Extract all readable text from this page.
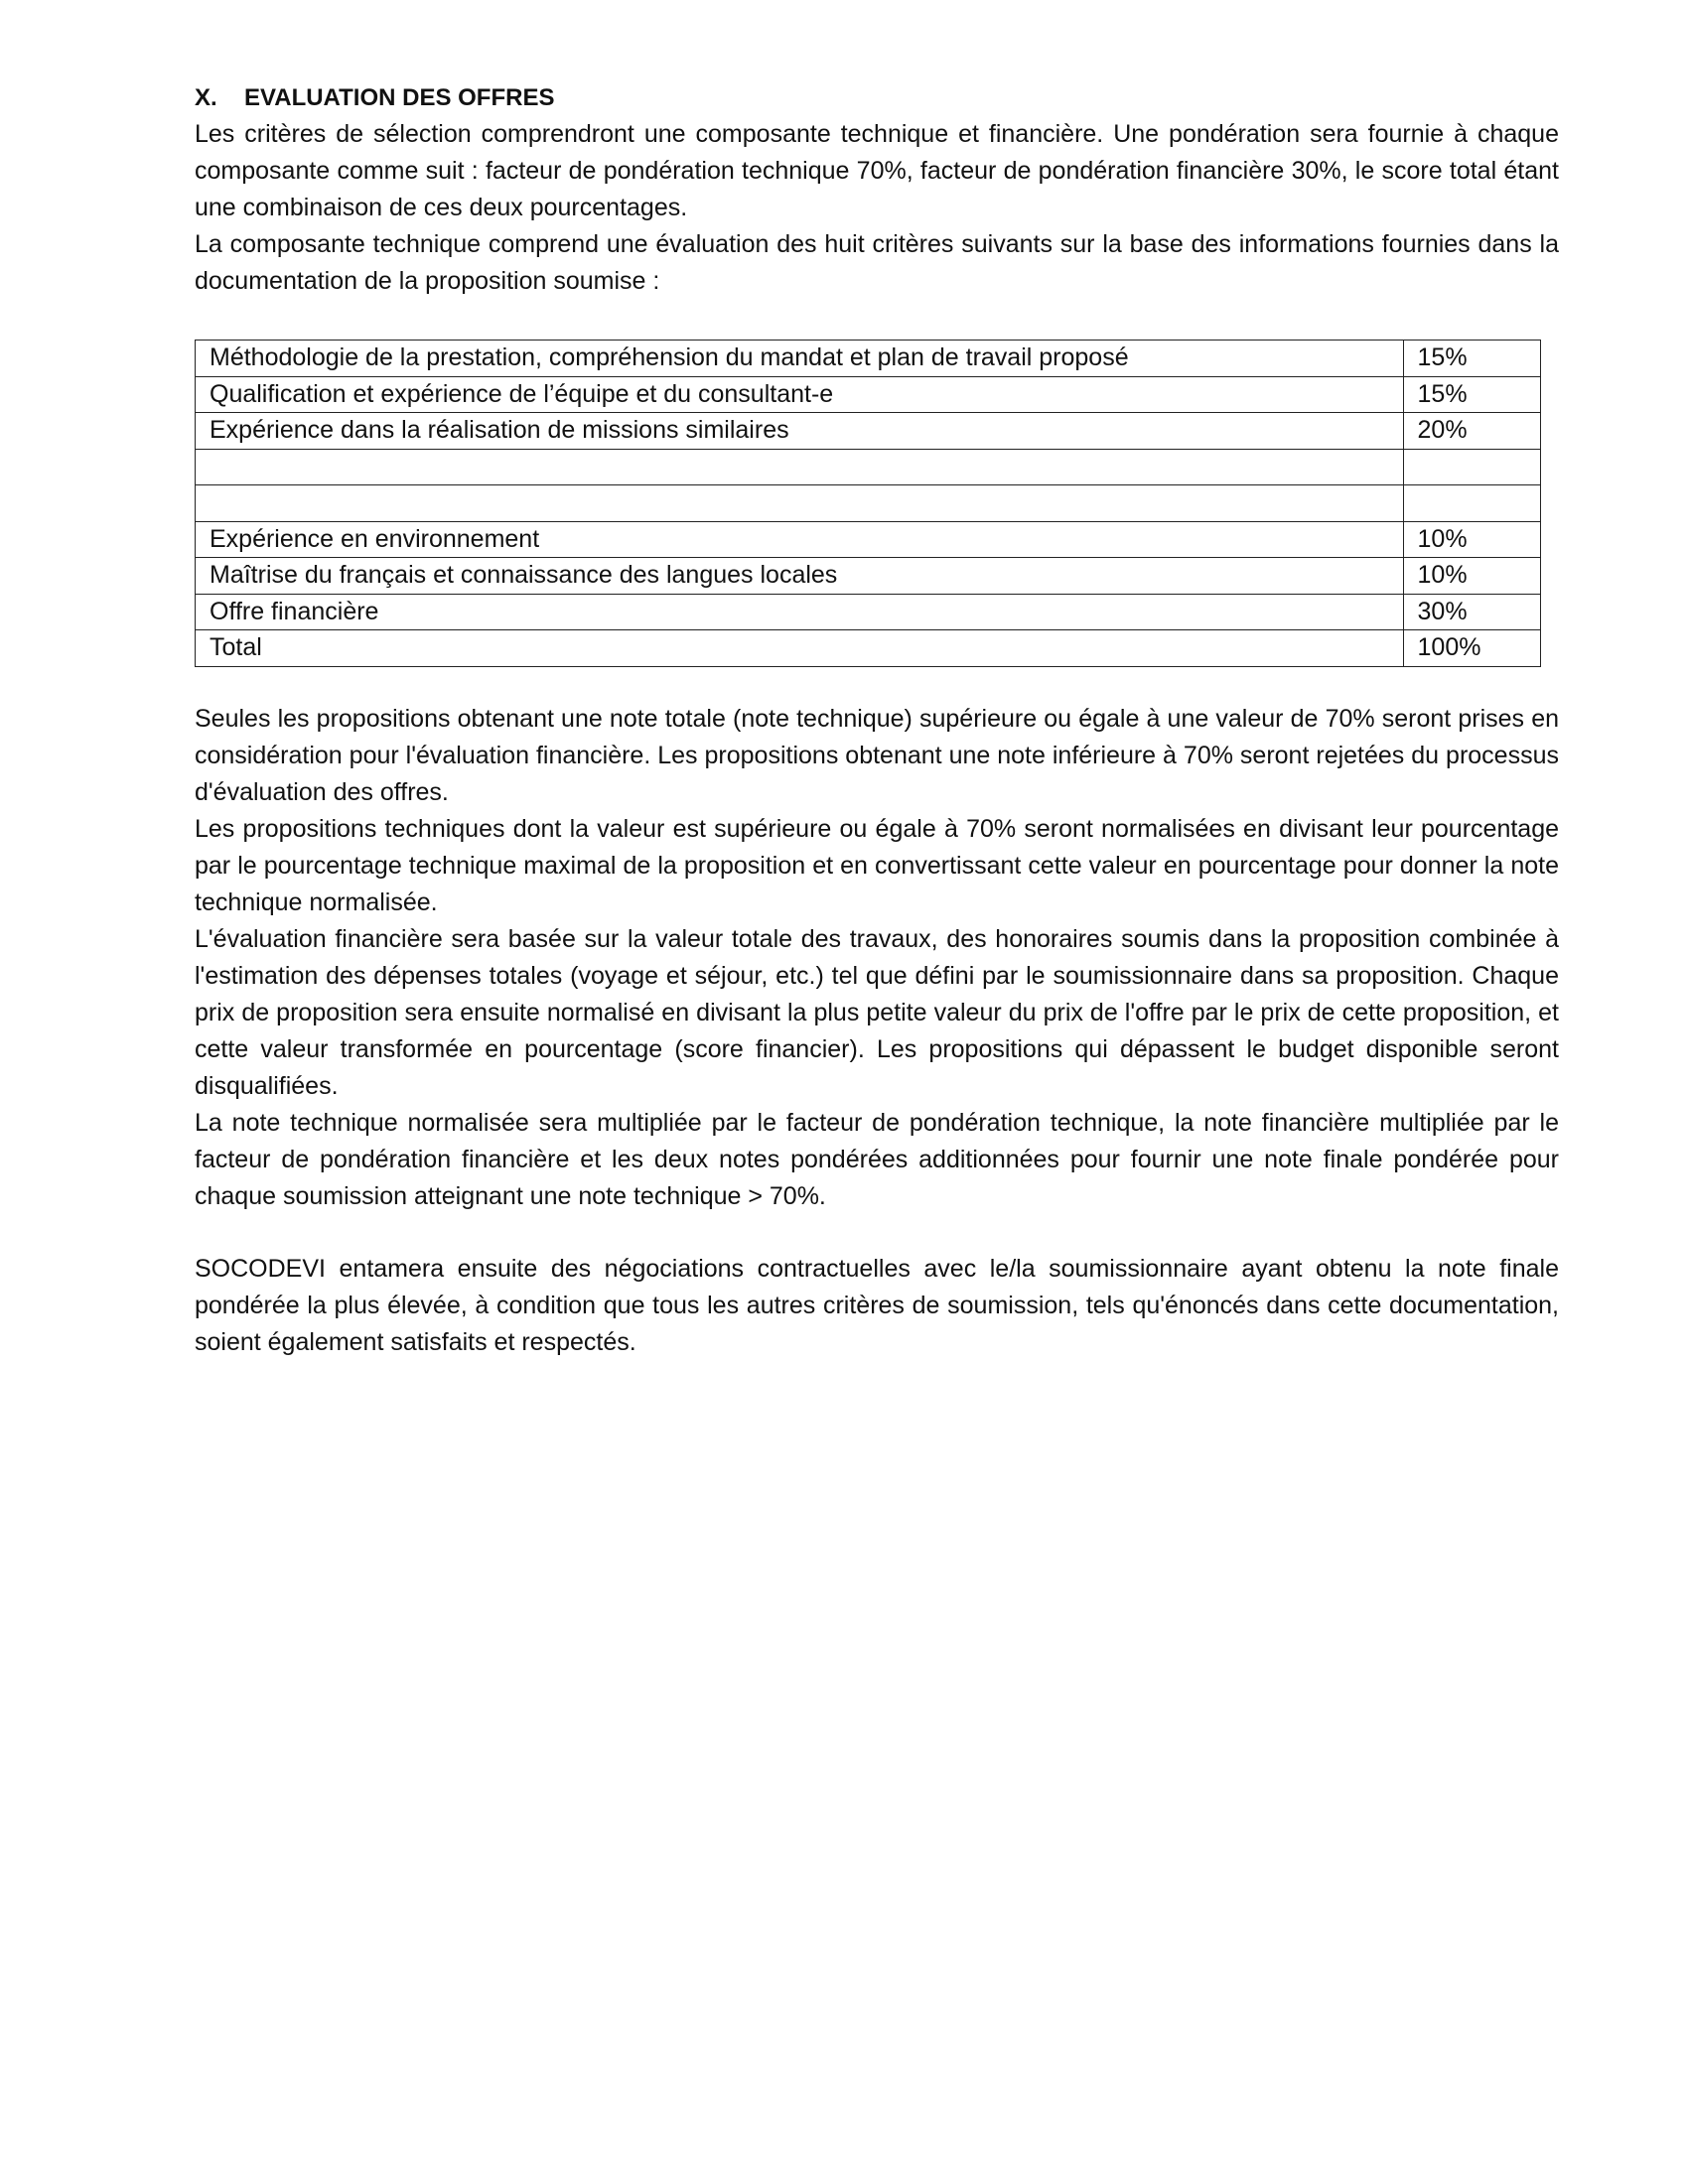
X. EVALUATION DES OFFRES

Les critères de sélection comprendront une composante technique et financière. Une pondération sera fournie à chaque composante comme suit : facteur de pondération technique 70%, facteur de pondération financière 30%, le score total étant une combinaison de ces deux pourcentages.

La composante technique comprend une évaluation des huit critères suivants sur la base des informations fournies dans la documentation de la proposition soumise :

Méthodologie de la prestation, compréhension du mandat et plan de travail proposé	15%
Qualification et expérience de l’équipe et du consultant-e	15%
Expérience dans la réalisation de missions similaires	20%

Expérience en environnement	10%
Maîtrise du français et connaissance des langues locales	10%
Offre financière	30%
Total	100%

Seules les propositions obtenant une note totale (note technique) supérieure ou égale à une valeur de 70% seront prises en considération pour l'évaluation financière. Les propositions obtenant une note inférieure à 70% seront rejetées du processus d'évaluation des offres.

Les propositions techniques dont la valeur est supérieure ou égale à 70% seront normalisées en divisant leur pourcentage par le pourcentage technique maximal de la proposition et en convertissant cette valeur en pourcentage pour donner la note technique normalisée.

L'évaluation financière sera basée sur la valeur totale des travaux, des honoraires soumis dans la proposition combinée à l'estimation des dépenses totales (voyage et séjour, etc.) tel que défini par le soumissionnaire dans sa proposition. Chaque prix de proposition sera ensuite normalisé en divisant la plus petite valeur du prix de l'offre par le prix de cette proposition, et cette valeur transformée en pourcentage (score financier). Les propositions qui dépassent le budget disponible seront disqualifiées.

La note technique normalisée sera multipliée par le facteur de pondération technique, la note financière multipliée par le facteur de pondération financière et les deux notes pondérées additionnées pour fournir une note finale pondérée pour chaque soumission atteignant une note technique > 70%.

SOCODEVI entamera ensuite des négociations contractuelles avec le/la soumissionnaire ayant obtenu la note finale pondérée la plus élevée, à condition que tous les autres critères de soumission, tels qu'énoncés dans cette documentation, soient également satisfaits et respectés.
